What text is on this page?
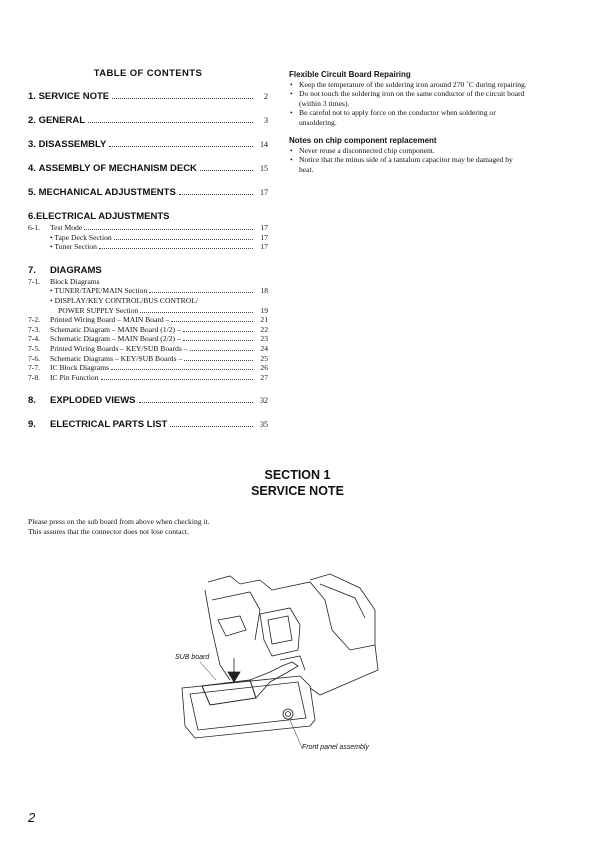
TABLE OF CONTENTS
1. SERVICE NOTE	2
2. GENERAL	3
3. DISASSEMBLY	14
4. ASSEMBLY OF MECHANISM DECK	15
5. MECHANICAL ADJUSTMENTS	17
6.ELECTRICAL ADJUSTMENTS
6-1.	Test Mode	17
• Tape Deck Section	17
• Tuner Section	17
7. DIAGRAMS
7-1.	Block Diagrams
• TUNER/TAPE/MAIN Section	18
• DISPLAY/KEY CONTROL/BUS CONTROL/
POWER SUPPLY Section	19
7-2.	Printed Wiring Board – MAIN Board –	21
7-3.	Schematic Diagram – MAIN Board (1/2) –	22
7-4.	Schematic Diagram – MAIN Board (2/2) –	23
7-5.	Printed Wiring Boards – KEY/SUB Boards –	24
7-6.	Schematic Diagrams – KEY/SUB Boards –	25
7-7.	IC Block Diagrams	26
7-8.	IC Pin Function	27
8.	EXPLODED VIEWS	32
9.	ELECTRICAL PARTS LIST	35
Flexible Circuit Board Repairing
• Keep the temperature of the soldering iron around 270 ˚C during repairing.
• Do not touch the soldering iron on the same conductor of the circuit board (within 3 times).
• Be careful not to apply force on the conductor when soldering or unsoldering.
Notes on chip component replacement
• Never reuse a disconnected chip component.
• Notice that the minus side of a tantalum capacitor may be damaged by heat.
SECTION 1
SERVICE NOTE
Please press on the sub board from above when checking it.
This assures that the connector does not lose contact.
SUB board
Front panel assembly
2
